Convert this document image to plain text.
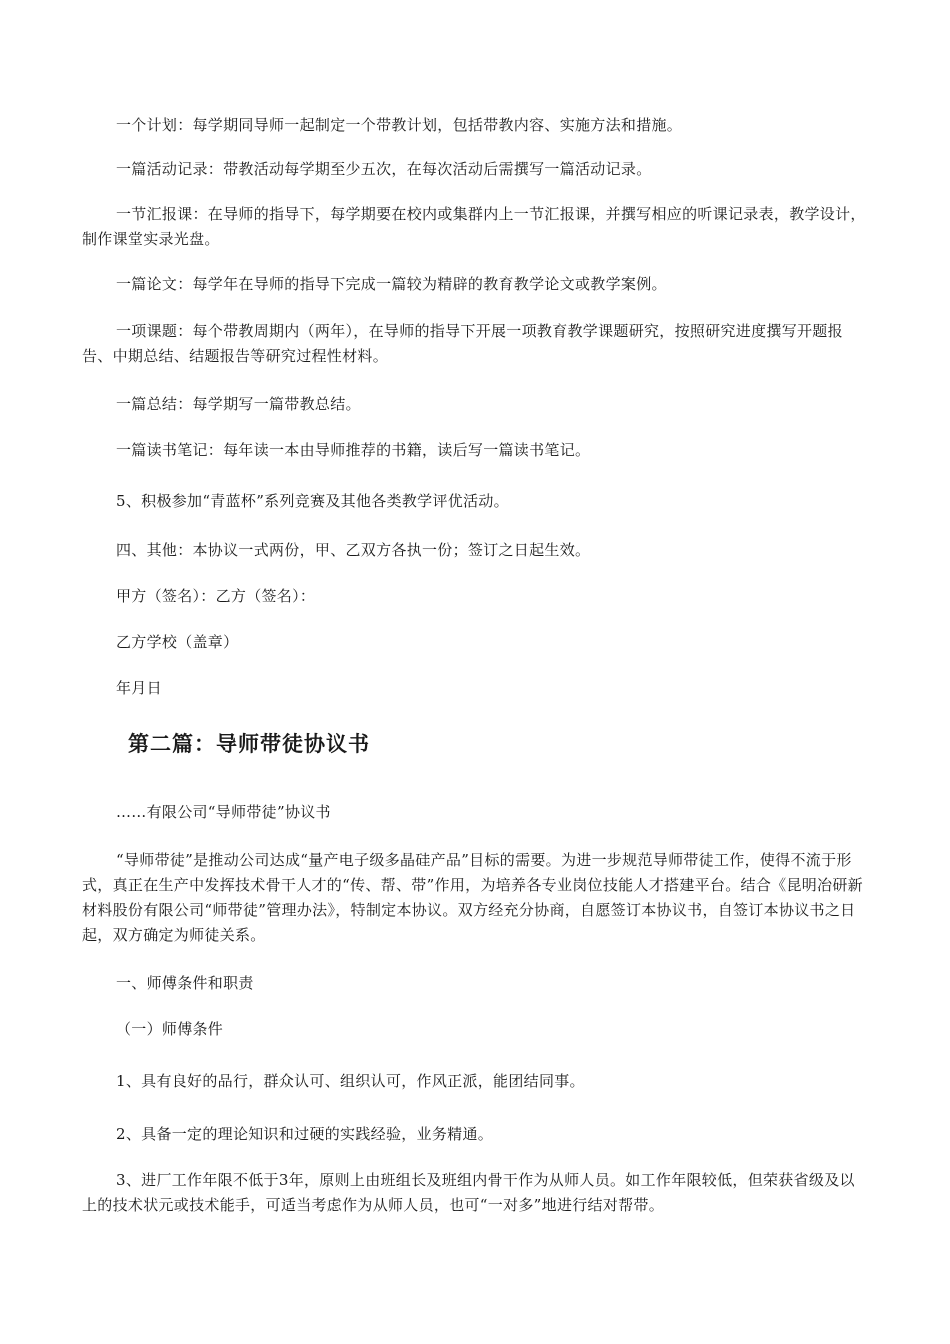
一个计划：每学期同导师一起制定一个带教计划，包括带教内容、实施方法和措施。

一篇活动记录：带教活动每学期至少五次，在每次活动后需撰写一篇活动记录。

一节汇报课：在导师的指导下，每学期要在校内或集群内上一节汇报课，并撰写相应的听课记录表，教学设计，制作课堂实录光盘。

一篇论文：每学年在导师的指导下完成一篇较为精辟的教育教学论文或教学案例。

一项课题：每个带教周期内（两年），在导师的指导下开展一项教育教学课题研究，按照研究进度撰写开题报告、中期总结、结题报告等研究过程性材料。

一篇总结：每学期写一篇带教总结。

一篇读书笔记：每年读一本由导师推荐的书籍，读后写一篇读书笔记。

5、积极参加“青蓝杯”系列竞赛及其他各类教学评优活动。

四、其他：本协议一式两份，甲、乙双方各执一份；签订之日起生效。

甲方（签名）：乙方（签名）：

乙方学校（盖章）

年月日

第二篇：导师带徒协议书

……有限公司“导师带徒”协议书

“导师带徒”是推动公司达成“量产电子级多晶硅产品”目标的需要。为进一步规范导师带徒工作，使得不流于形式，真正在生产中发挥技术骨干人才的“传、帮、带”作用，为培养各专业岗位技能人才搭建平台。结合《昆明冶研新材料股份有限公司“师带徒”管理办法》，特制定本协议。双方经充分协商，自愿签订本协议书，自签订本协议书之日起，双方确定为师徒关系。

一、师傅条件和职责

（一）师傅条件

1、具有良好的品行，群众认可、组织认可，作风正派，能团结同事。

2、具备一定的理论知识和过硬的实践经验，业务精通。

3、进厂工作年限不低于3年，原则上由班组长及班组内骨干作为从师人员。如工作年限较低，但荣获省级及以上的技术状元或技术能手，可适当考虑作为从师人员，也可“一对多”地进行结对帮带。
